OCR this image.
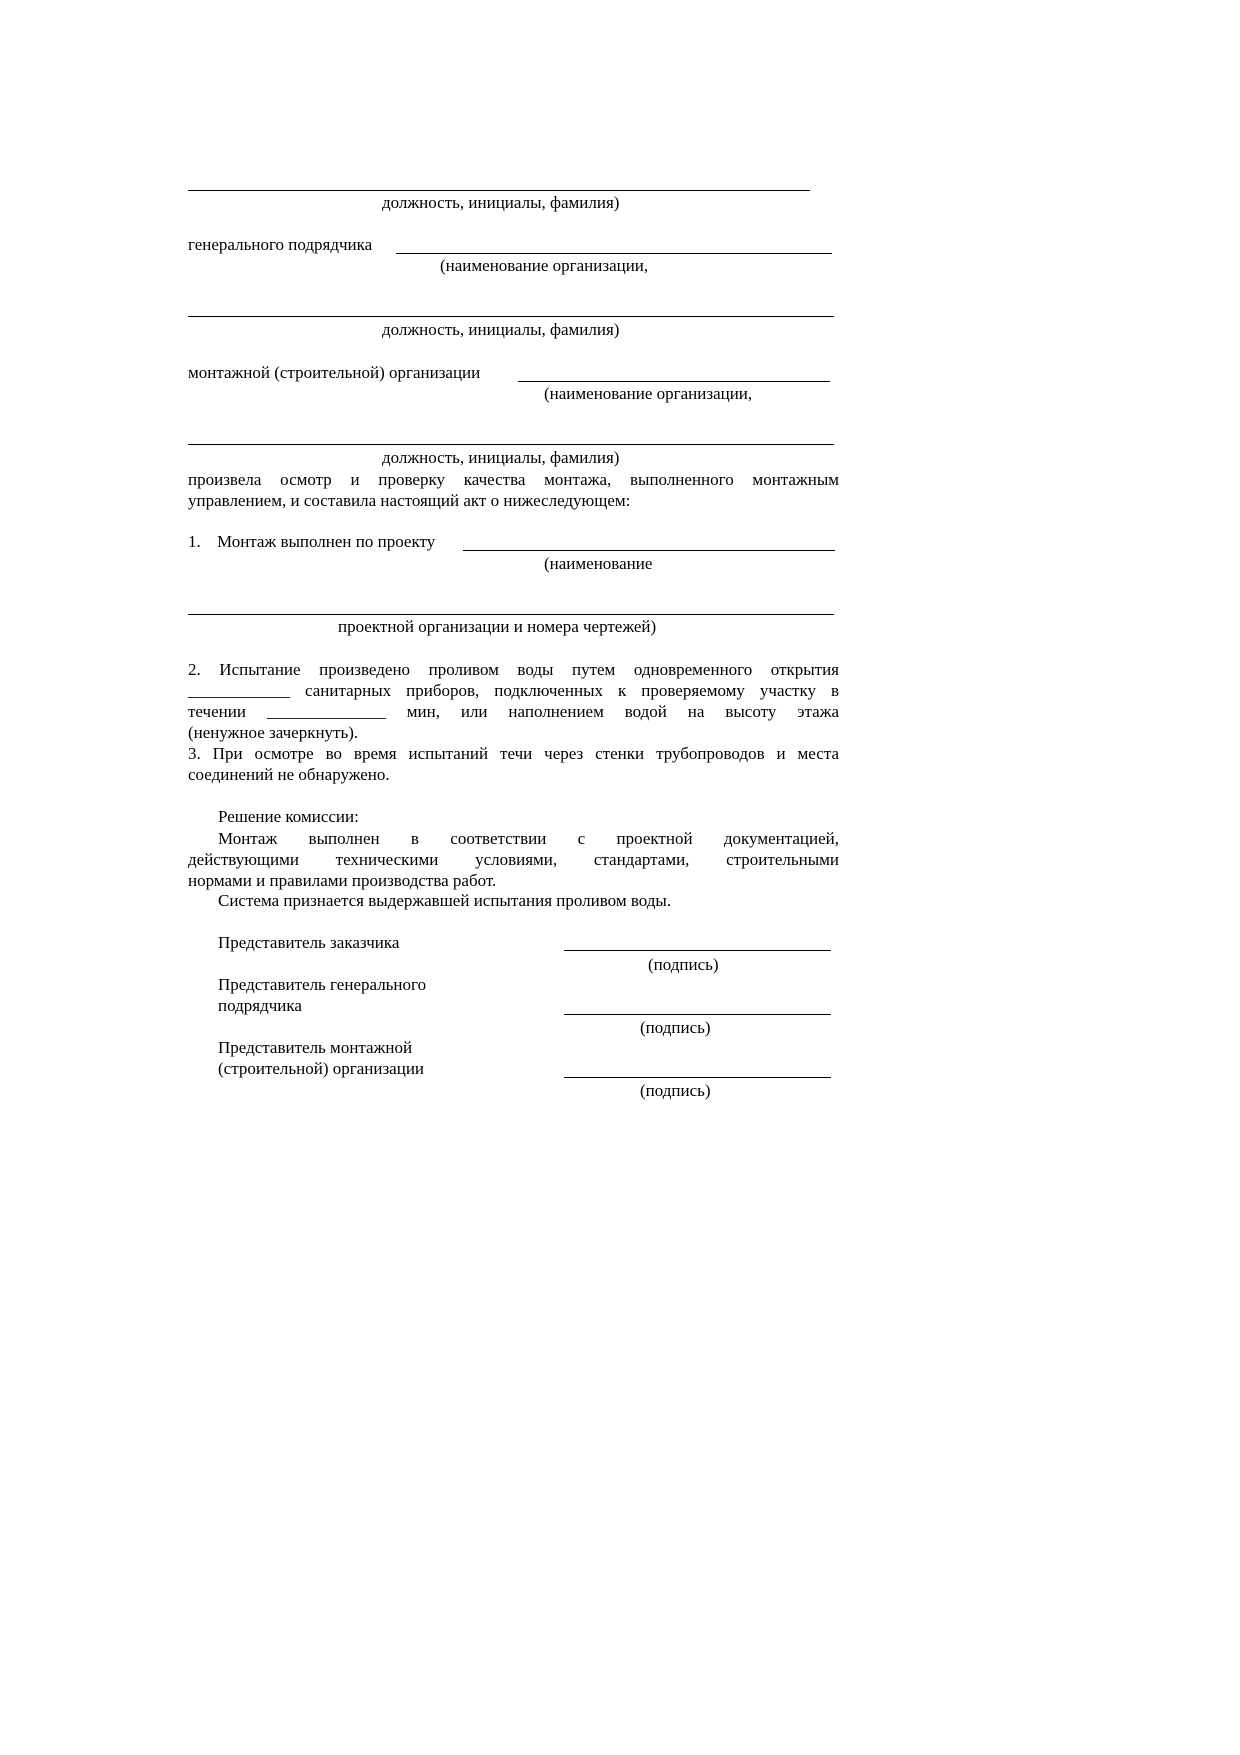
должность, инициалы, фамилия)
генерального подрядчика
(наименование организации,
должность, инициалы, фамилия)
монтажной (строительной) организации
(наименование организации,
должность, инициалы, фамилия)
произвела осмотр и проверку качества монтажа, выполненного монтажным
управлением, и составила настоящий акт о нижеследующем:
1. Монтаж выполнен по проекту
(наименование
проектной организации и номера чертежей)
2. Испытание произведено проливом воды путем одновременного открытия
____________ санитарных приборов, подключенных к проверяемому участку в
течении ______________ мин, или наполнением водой на высоту этажа
(ненужное зачеркнуть).
3. При осмотре во время испытаний течи через стенки трубопроводов и места
соединений не обнаружено.
Решение комиссии:
Монтаж выполнен в соответствии с проектной документацией,
действующими техническими условиями, стандартами, строительными
нормами и правилами производства работ.
Система признается выдержавшей испытания проливом воды.
Представитель заказчика
(подпись)
Представитель генерального
подрядчика
(подпись)
Представитель монтажной
(строительной) организации
(подпись)
